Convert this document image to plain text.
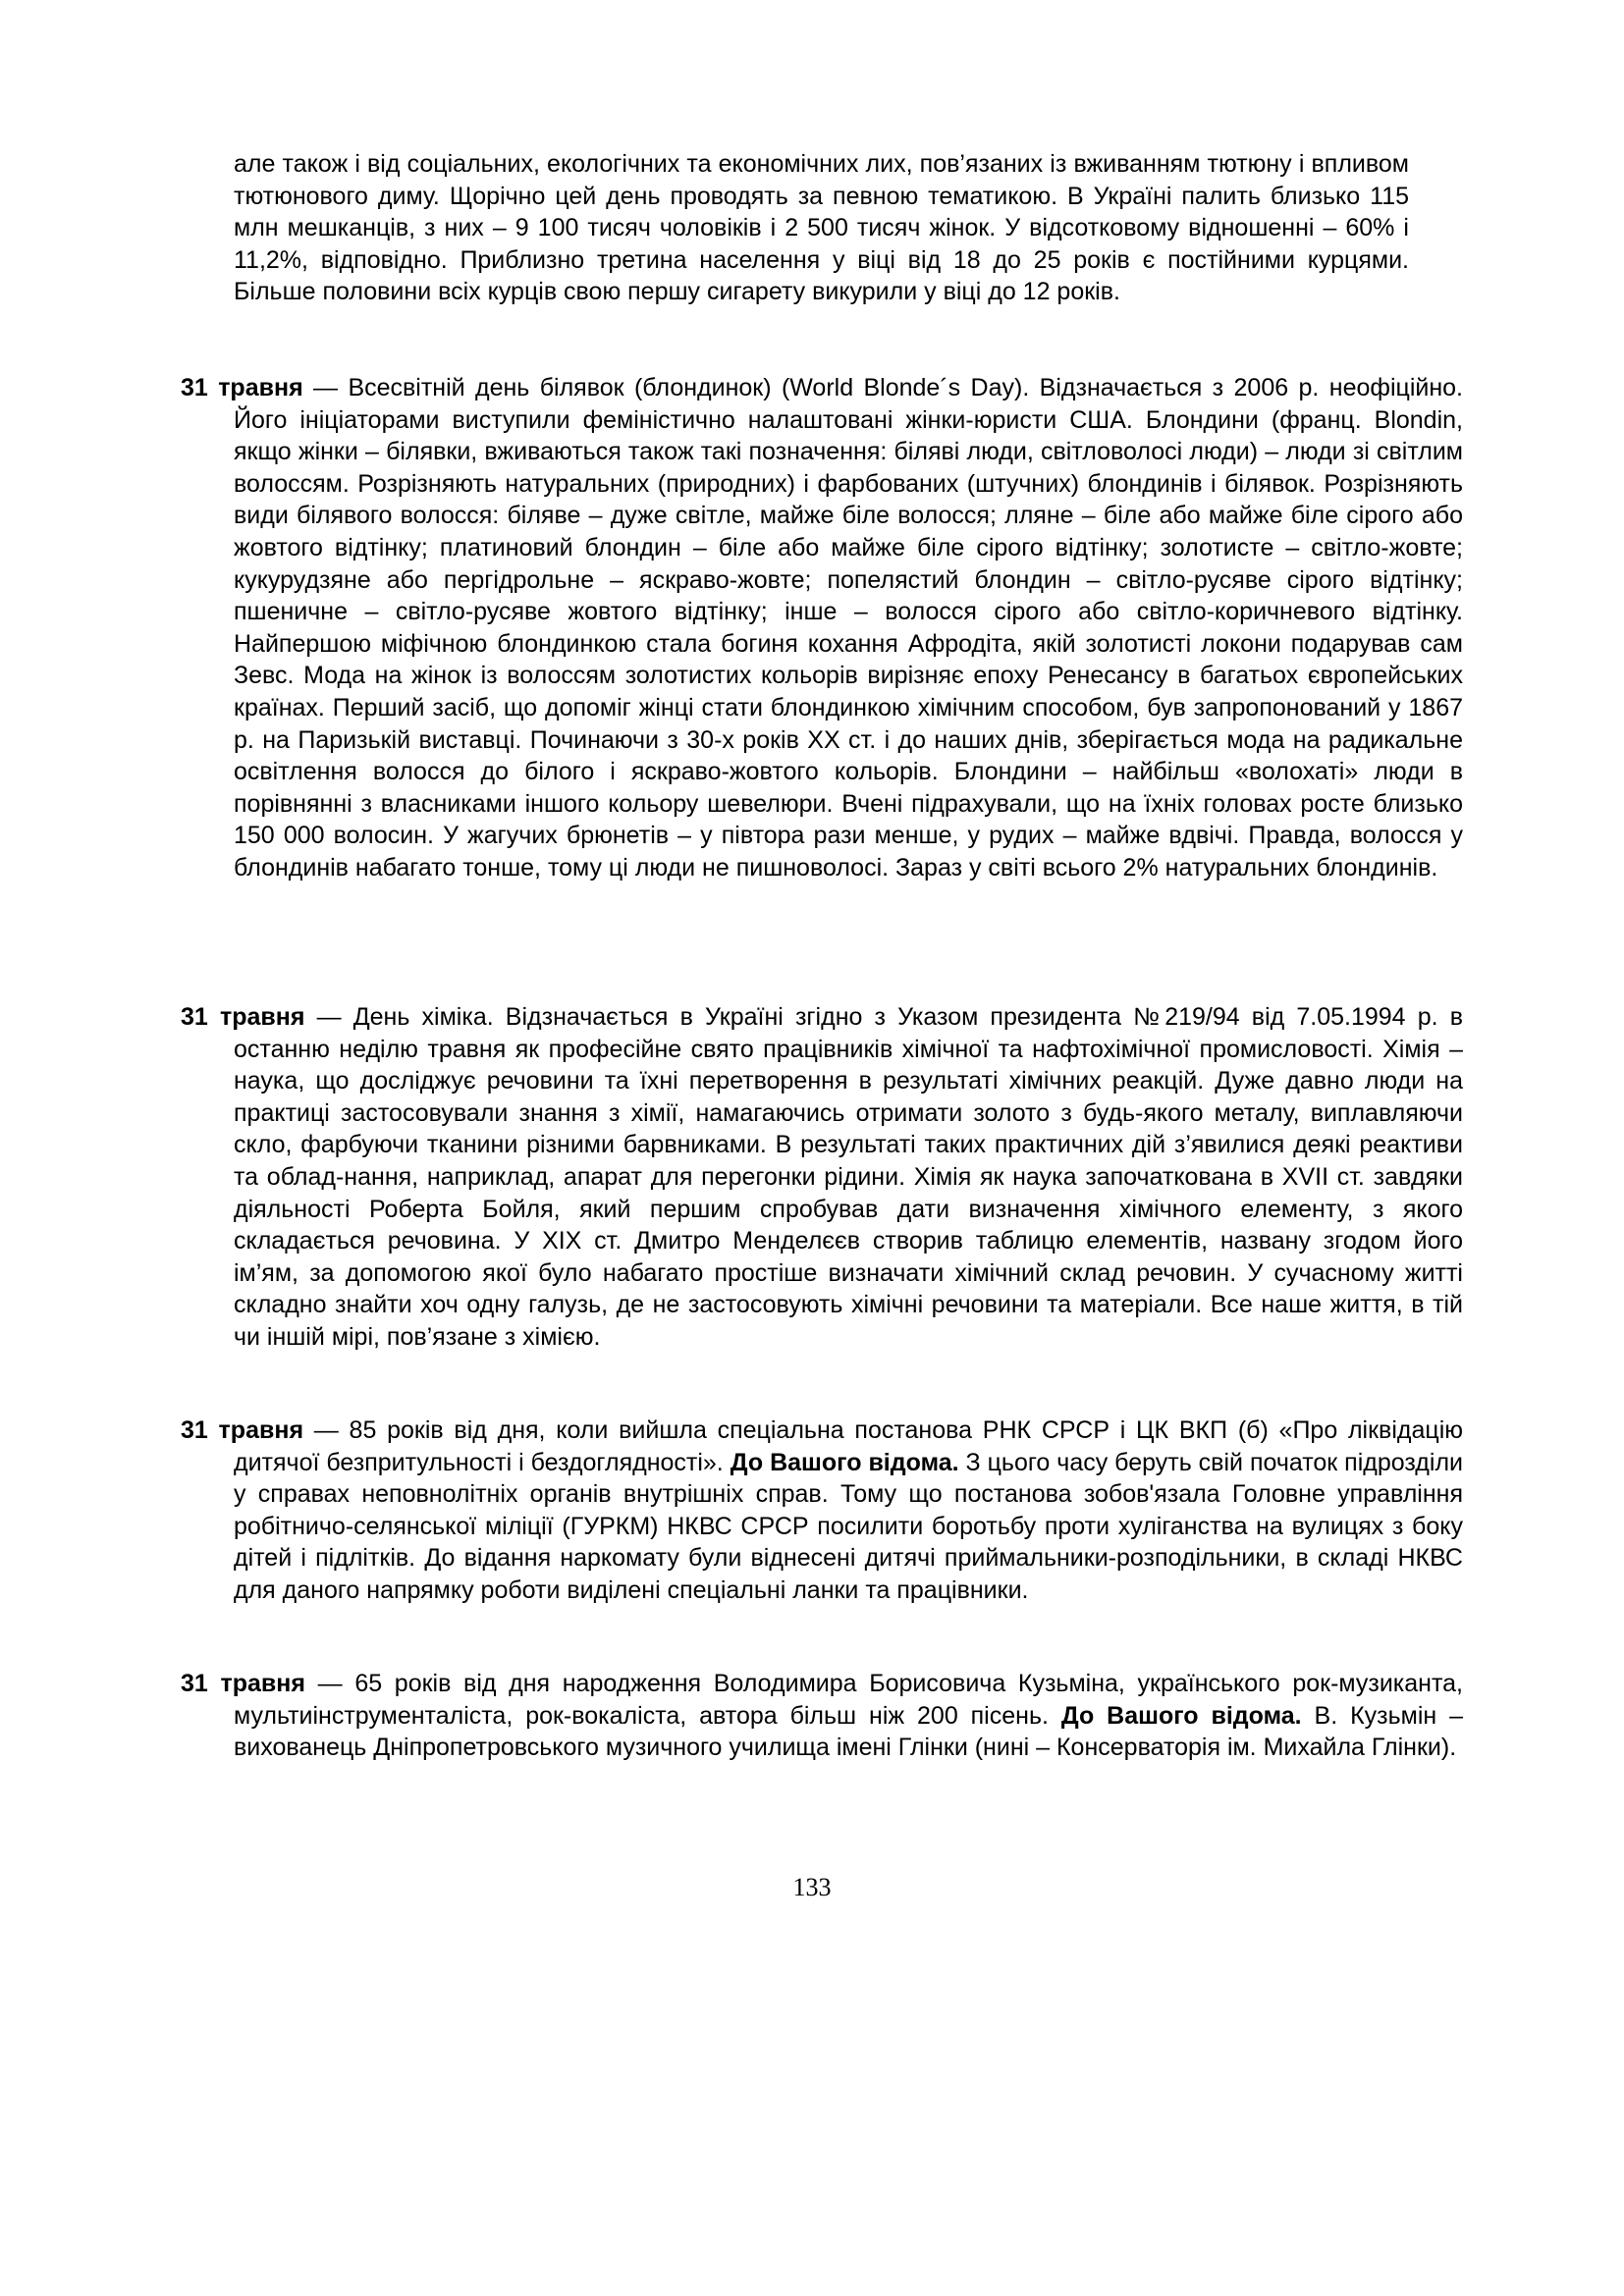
але також і від соціальних, екологічних та економічних лих, пов’язаних із вживанням тютюну і впливом тютюнового диму. Щорічно цей день проводять за певною тематикою. В Україні палить близько 115 млн мешканців, з них – 9 100 тисяч чоловіків і 2 500 тисяч жінок. У відсотковому відношенні – 60% і 11,2%, відповідно. Приблизно третина населення у віці від 18 до 25 років є постійними курцями. Більше половини всіх курців свою першу сигарету викурили у віці до 12 років.

31 травня — Всесвітній день білявок (блондинок) (World Blonde´s Day). Відзначається з 2006 р. неофіційно. Його ініціаторами виступили феміністично налаштовані жінки-юристи США. Блондини (франц. Blondin, якщо жінки – білявки, вживаються також такі позначення: біляві люди, світловолосі люди) – люди зі світлим волоссям. Розрізняють натуральних (природних) і фарбованих (штучних) блондинів і білявок. Розрізняють види білявого волосся: біляве – дуже світле, майже біле волосся; лляне – біле або майже біле сірого або жовтого відтінку; платиновий блондин – біле або майже біле сірого відтінку; золотисте – світло-жовте; кукурудзяне або пергідрольне – яскраво-жовте; попелястий блондин – світло-русяве сірого відтінку; пшеничне – світло-русяве жовтого відтінку; інше – волосся сірого або світло-коричневого відтінку. Найпершою міфічною блондинкою стала богиня кохання Афродіта, якій золотисті локони подарував сам Зевс. Мода на жінок із волоссям золотистих кольорів вирізняє епоху Ренесансу в багатьох європейських країнах. Перший засіб, що допоміг жінці стати блондинкою хімічним способом, був запропонований у 1867 р. на Паризькій виставці. Починаючи з 30-х років ХХ ст. і до наших днів, зберігається мода на радикальне освітлення волосся до білого і яскраво-жовтого кольорів. Блондини – найбільш «волохаті» люди в порівнянні з власниками іншого кольору шевелюри. Вчені підрахували, що на їхніх головах росте близько 150 000 волосин. У жагучих брюнетів – у півтора рази менше, у рудих – майже вдвічі. Правда, волосся у блондинів набагато тонше, тому ці люди не пишноволосі. Зараз у світі всього 2% натуральних блондинів.
31 травня — День хіміка. Відзначається в Україні згідно з Указом президента №219/94 від 7.05.1994 р. в останню неділю травня як професійне свято працівників хімічної та нафтохімічної промисловості. Хімія – наука, що досліджує речовини та їхні перетворення в результаті хімічних реакцій. Дуже давно люди на практиці застосовували знання з хімії, намагаючись отримати золото з будь-якого металу, виплавляючи скло, фарбуючи тканини різними барвниками. В результаті таких практичних дій з’явилися деякі реактиви та облад-нання, наприклад, апарат для перегонки рідини. Хімія як наука започаткована в XVII ст. завдяки діяльності Роберта Бойля, який першим спробував дати визначення хімічного елементу, з якого складається речовина. У XIX ст. Дмитро Менделєєв створив таблицю елементів, названу згодом його ім’ям, за допомогою якої було набагато простіше визначати хімічний склад речовин. У сучасному житті складно знайти хоч одну галузь, де не застосовують хімічні речовини та матеріали. Все наше життя, в тій чи іншій мірі, пов’язане з хімією.
31 травня — 85 років від дня, коли вийшла спеціальна постанова РНК СРСР і ЦК ВКП (б) «Про ліквідацію дитячої безпритульності і бездоглядності». До Вашого відома. З цього часу беруть свій початок підрозділи у справах неповнолітніх органів внутрішніх справ. Тому що постанова зобов'язала Головне управління робітничо-селянської міліції (ГУРКМ) НКВС СРСР посилити боротьбу проти хуліганства на вулицях з боку дітей і підлітків. До відання наркомату були віднесені дитячі приймальники-розподільники, в складі НКВС для даного напрямку роботи виділені спеціальні ланки та працівники.
31 травня — 65 років від дня народження Володимира Борисовича Кузьміна, українського рок-музиканта, мультиінструменталіста, рок-вокаліста, автора більш ніж 200 пісень. До Вашого відома. В. Кузьмін – вихованець Дніпропетровського музичного училища імені Глінки (нині – Консерваторія ім. Михайла Глінки).
133
